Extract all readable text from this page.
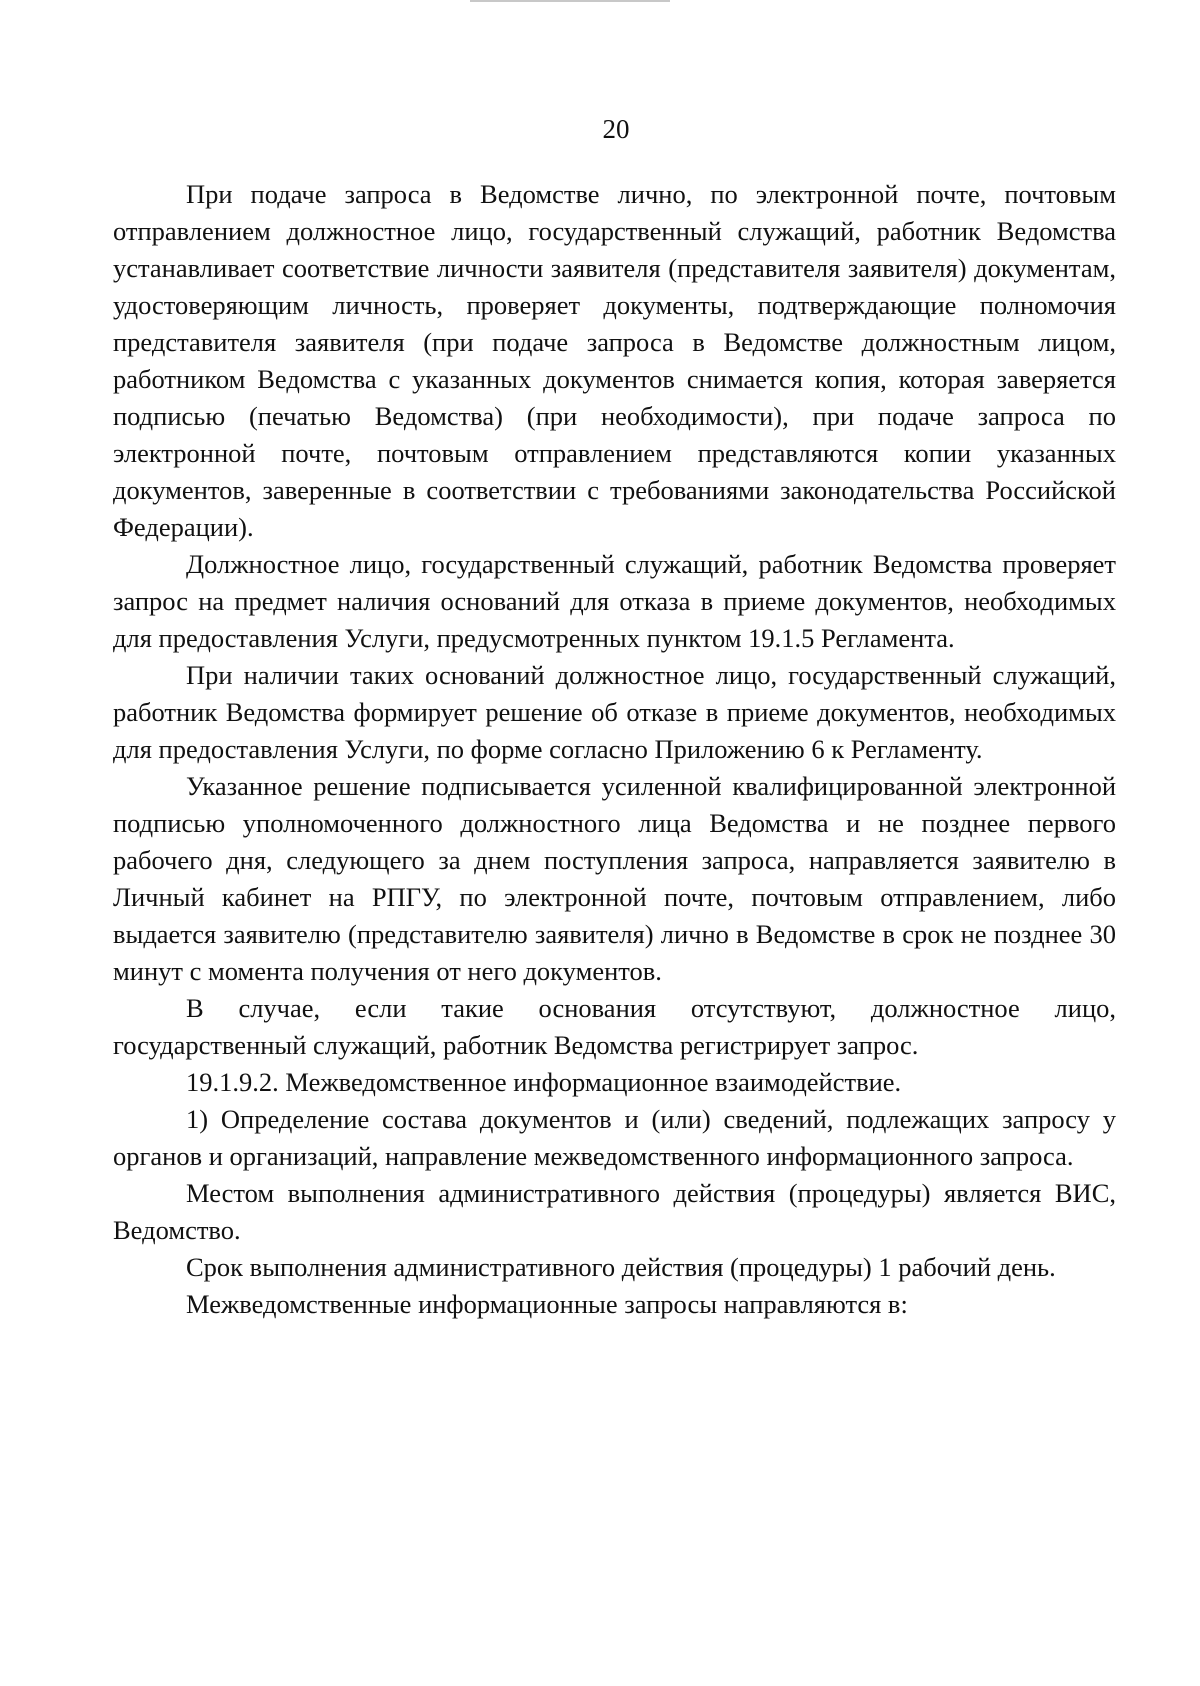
20

При подаче запроса в Ведомстве лично, по электронной почте, почтовым отправлением должностное лицо, государственный служащий, работник Ведомства устанавливает соответствие личности заявителя (представителя заявителя) документам, удостоверяющим личность, проверяет документы, подтверждающие полномочия представителя заявителя (при подаче запроса в Ведомстве должностным лицом, работником Ведомства с указанных документов снимается копия, которая заверяется подписью (печатью Ведомства) (при необходимости), при подаче запроса по электронной почте, почтовым отправлением представляются копии указанных документов, заверенные в соответствии с требованиями законодательства Российской Федерации).

Должностное лицо, государственный служащий, работник Ведомства проверяет запрос на предмет наличия оснований для отказа в приеме документов, необходимых для предоставления Услуги, предусмотренных пунктом 19.1.5 Регламента.

При наличии таких оснований должностное лицо, государственный служащий, работник Ведомства формирует решение об отказе в приеме документов, необходимых для предоставления Услуги, по форме согласно Приложению 6 к Регламенту.

Указанное решение подписывается усиленной квалифицированной электронной подписью уполномоченного должностного лица Ведомства и не позднее первого рабочего дня, следующего за днем поступления запроса, направляется заявителю в Личный кабинет на РПГУ, по электронной почте, почтовым отправлением, либо выдается заявителю (представителю заявителя) лично в Ведомстве в срок не позднее 30 минут с момента получения от него документов.

В случае, если такие основания отсутствуют, должностное лицо, государственный служащий, работник Ведомства регистрирует запрос.

19.1.9.2. Межведомственное информационное взаимодействие.

1) Определение состава документов и (или) сведений, подлежащих запросу у органов и организаций, направление межведомственного информационного запроса.

Местом выполнения административного действия (процедуры) является ВИС, Ведомство.

Срок выполнения административного действия (процедуры) 1 рабочий день.

Межведомственные информационные запросы направляются в:
